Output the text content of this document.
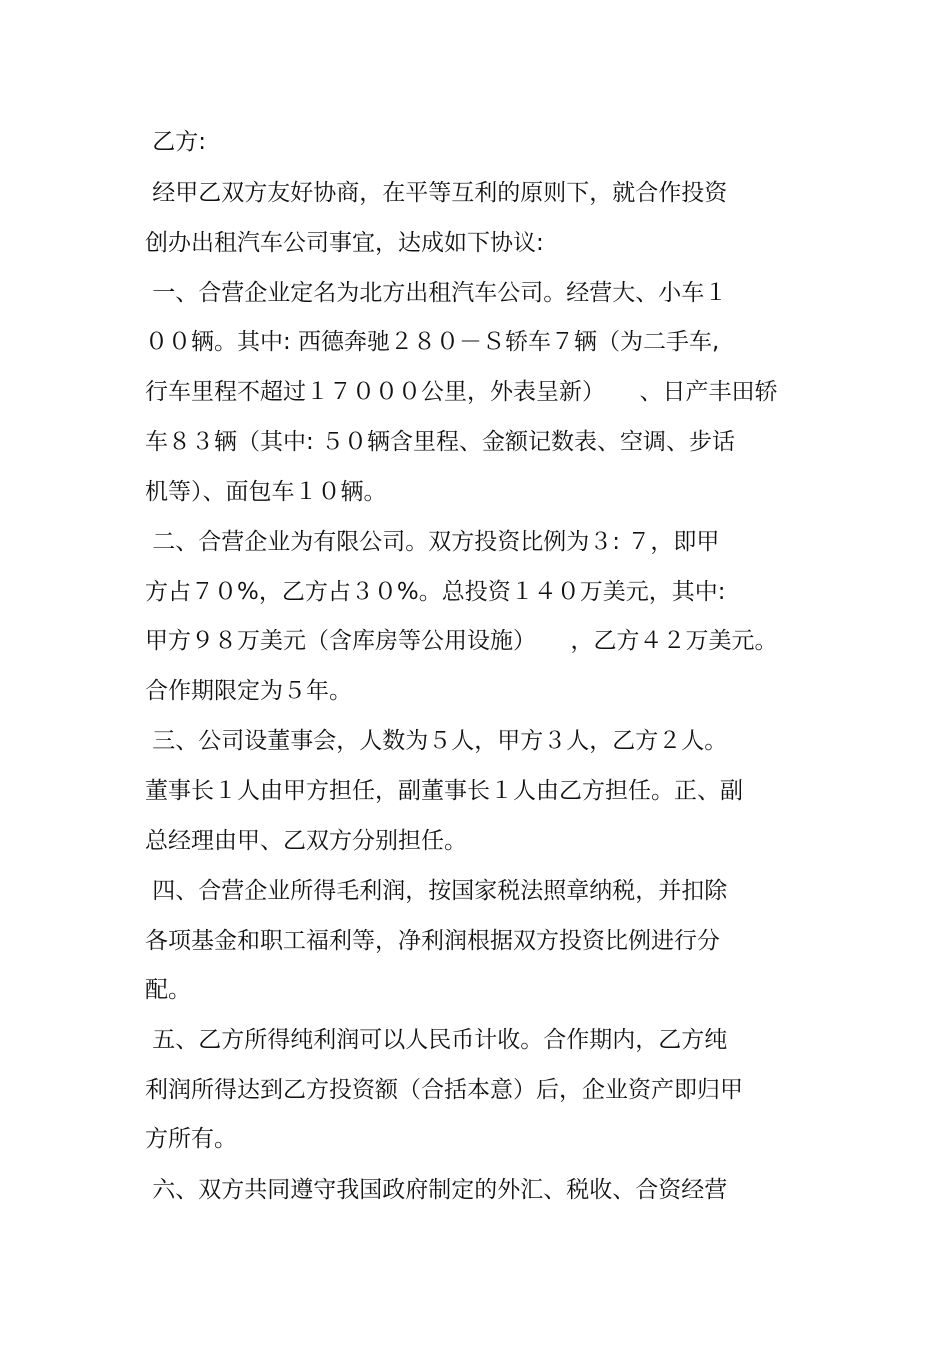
乙方:

经甲乙双方友好协商，在平等互利的原则下，就合作投资

创办出租汽车公司事宜，达成如下协议:

一、合营企业定名为北方出租汽车公司。经营大、小车１

００辆。其中: 西德奔驰２８０－Ｓ轿车７辆（为二手车,

行车里程不超过１７０００公里，外表呈新）　　、日产丰田轿

车８３辆（其中: ５０辆含里程、金额记数表、空调、步话

机等）、面包车１０辆。

二、合营企业为有限公司。双方投资比例为３: ７，即甲

方占７０%，乙方占３０%。总投资１４０万美元，其中:

甲方９８万美元（含库房等公用设施）　　，乙方４２万美元。

合作期限定为５年。

三、公司设董事会，人数为５人，甲方３人，乙方２人。

董事长１人由甲方担任，副董事长１人由乙方担任。正、副

总经理由甲、乙双方分别担任。

四、合营企业所得毛利润，按国家税法照章纳税，并扣除

各项基金和职工福利等，净利润根据双方投资比例进行分

配。

五、乙方所得纯利润可以人民币计收。合作期内，乙方纯

利润所得达到乙方投资额（合括本意）后，企业资产即归甲

方所有。

六、双方共同遵守我国政府制定的外汇、税收、合资经营
